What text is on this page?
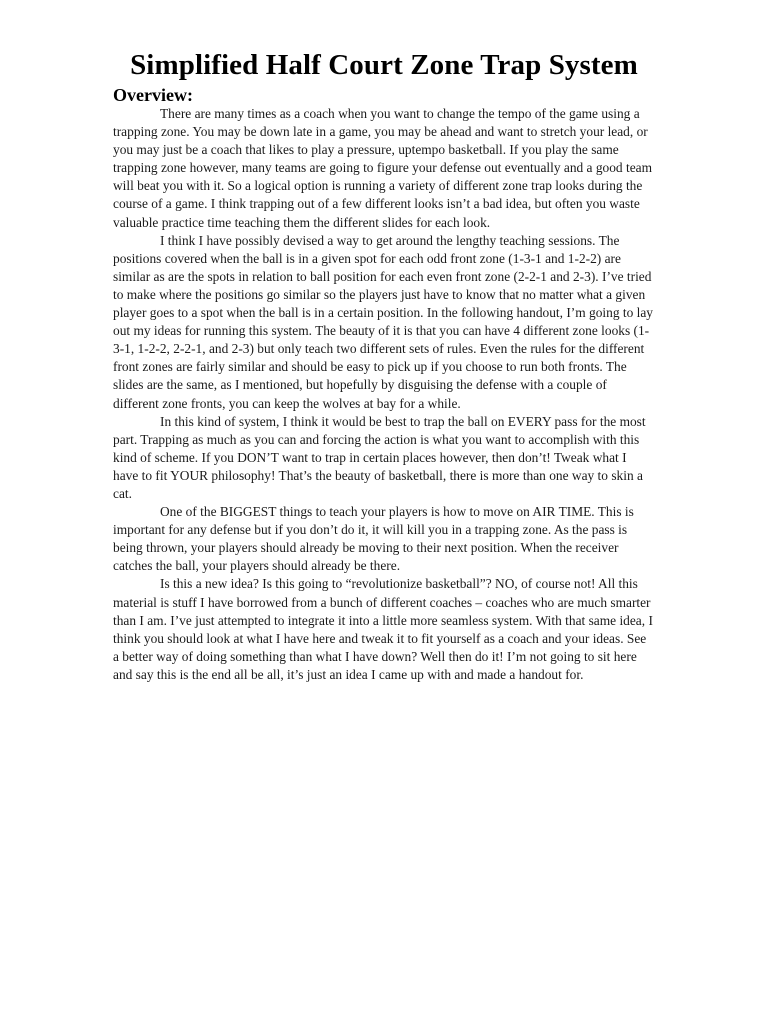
Simplified Half Court Zone Trap System
Overview:

There are many times as a coach when you want to change the tempo of the game using a trapping zone. You may be down late in a game, you may be ahead and want to stretch your lead, or you may just be a coach that likes to play a pressure, uptempo basketball. If you play the same trapping zone however, many teams are going to figure your defense out eventually and a good team will beat you with it. So a logical option is running a variety of different zone trap looks during the course of a game. I think trapping out of a few different looks isn’t a bad idea, but often you waste valuable practice time teaching them the different slides for each look.

I think I have possibly devised a way to get around the lengthy teaching sessions. The positions covered when the ball is in a given spot for each odd front zone (1-3-1 and 1-2-2) are similar as are the spots in relation to ball position for each even front zone (2-2-1 and 2-3). I’ve tried to make where the positions go similar so the players just have to know that no matter what a given player goes to a spot when the ball is in a certain position. In the following handout, I’m going to lay out my ideas for running this system. The beauty of it is that you can have 4 different zone looks (1-3-1, 1-2-2, 2-2-1, and 2-3) but only teach two different sets of rules. Even the rules for the different front zones are fairly similar and should be easy to pick up if you choose to run both fronts. The slides are the same, as I mentioned, but hopefully by disguising the defense with a couple of different zone fronts, you can keep the wolves at bay for a while.

In this kind of system, I think it would be best to trap the ball on EVERY pass for the most part. Trapping as much as you can and forcing the action is what you want to accomplish with this kind of scheme. If you DON’T want to trap in certain places however, then don’t! Tweak what I have to fit YOUR philosophy! That’s the beauty of basketball, there is more than one way to skin a cat.

One of the BIGGEST things to teach your players is how to move on AIR TIME. This is important for any defense but if you don’t do it, it will kill you in a trapping zone. As the pass is being thrown, your players should already be moving to their next position. When the receiver catches the ball, your players should already be there.

Is this a new idea? Is this going to “revolutionize basketball”? NO, of course not! All this material is stuff I have borrowed from a bunch of different coaches – coaches who are much smarter than I am. I’ve just attempted to integrate it into a little more seamless system. With that same idea, I think you should look at what I have here and tweak it to fit yourself as a coach and your ideas. See a better way of doing something than what I have down? Well then do it! I’m not going to sit here and say this is the end all be all, it’s just an idea I came up with and made a handout for.
